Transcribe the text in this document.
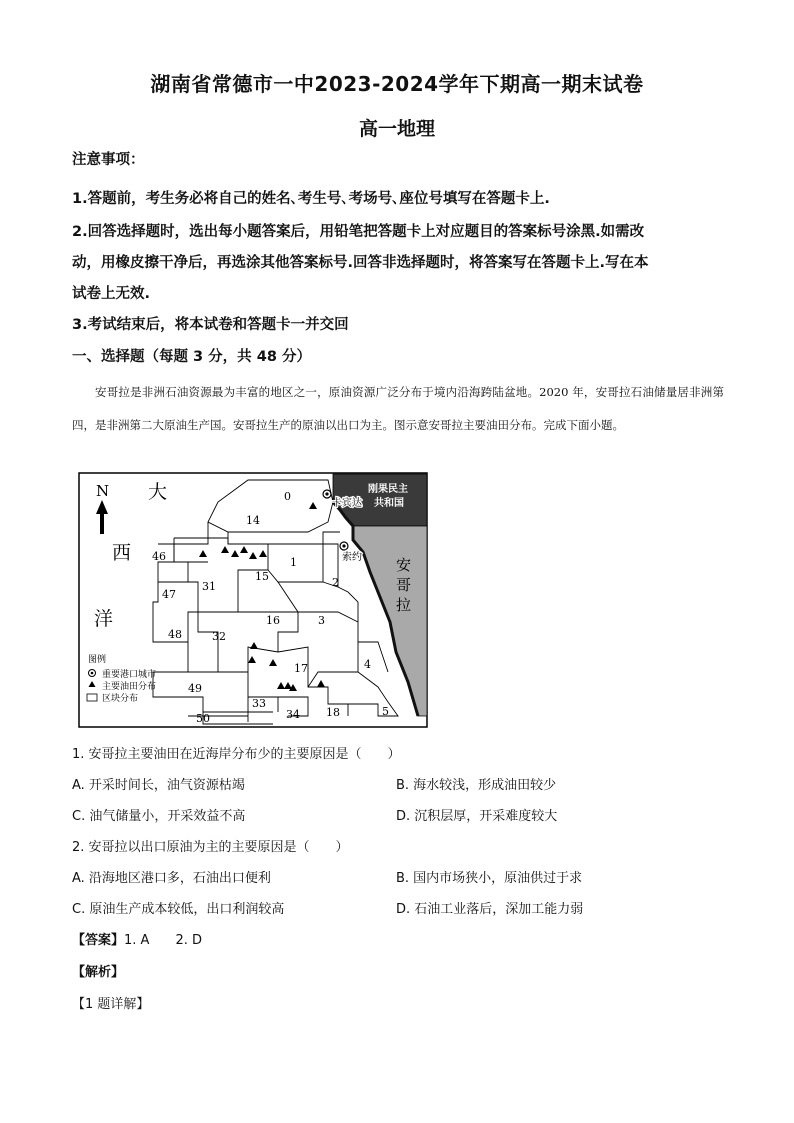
湖南省常德市一中2023-2024学年下期高一期末试卷
高一地理
注意事项：
1.答题前，考生务必将自己的姓名､考生号､考场号､座位号填写在答题卡上.
2.回答选择题时，选出每小题答案后，用铅笔把答题卡上对应题目的答案标号涂黑.如需改
动，用橡皮擦干净后，再选涂其他答案标号.回答非选择题时，将答案写在答题卡上.写在本
试卷上无效.
3.考试结束后，将本试卷和答题卡一并交回
一、选择题（每题 3 分，共 48 分）
安哥拉是非洲石油资源最为丰富的地区之一，原油资源广泛分布于境内沿海跨陆盆地。2020 年，安哥拉石油储量居非洲第四，是非洲第二大原油生产国。安哥拉生产的原油以出口为主。图示意安哥拉主要油田分布。完成下面小题。
N 大
西
洋
刚果民主
共和国
安
哥
拉
卡宾达
索约
0
14
46
31
15
1
2
47
48	32
16	3
17	4
49
33
34 18	5
50
图例
重要港口城市
主要油田分布
区块分布
1. 安哥拉主要油田在近海岸分布少的主要原因是（　　）
A. 开采时间长，油气资源枯竭	B. 海水较浅，形成油田较少
C. 油气储量小，开采效益不高	D. 沉积层厚，开采难度较大
2. 安哥拉以出口原油为主的主要原因是（　　）
A. 沿海地区港口多，石油出口便利	B. 国内市场狭小，原油供过于求
C. 原油生产成本较低，出口利润较高	D. 石油工业落后，深加工能力弱
【答案】1. A　　2. D
【解析】
【1 题详解】
